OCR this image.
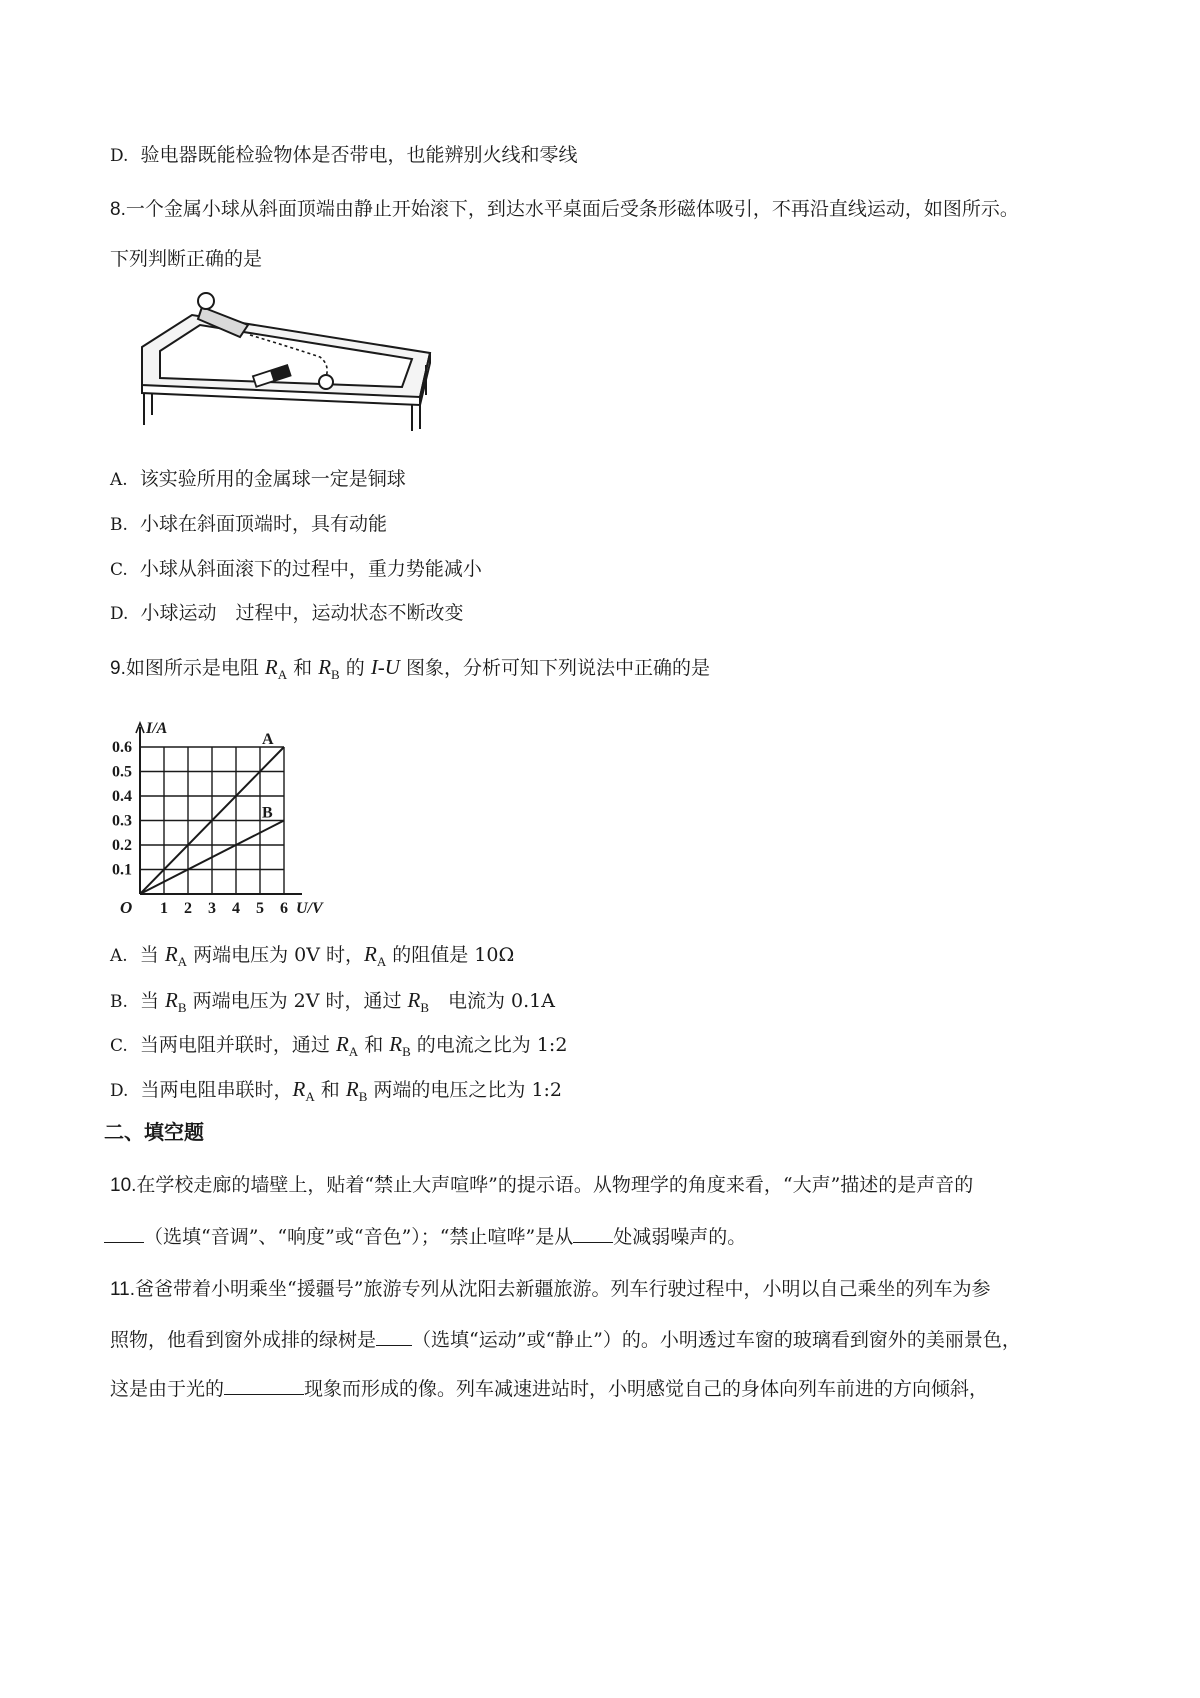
D. 验电器既能检验物体是否带电，也能辨别火线和零线
8.一个金属小球从斜面顶端由静止开始滚下，到达水平桌面后受条形磁体吸引，不再沿直线运动，如图所示。
下列判断正确的是
A. 该实验所用的金属球一定是铜球
B. 小球在斜面顶端时，具有动能
C. 小球从斜面滚下的过程中，重力势能减小
D. 小球运动　过程中，运动状态不断改变
9.如图所示是电阻 $R_A$ 和 $R_B$ 的 I-U 图象，分析可知下列说法中正确的是
1 2 3 4 5 6
0.1
0.2
0.3
0.4
0.5
0.6
U/V
I/A
O
A
B
A. 当 $R_A$ 两端电压为 0V 时，$R_A$ 的阻值是 10Ω
B. 当 $R_B$ 两端电压为 2V 时，通过 $R_B$　电流为 0.1A
C. 当两电阻并联时，通过 $R_A$ 和 $R_B$ 的电流之比为 1:2
D. 当两电阻串联时，$R_A$ 和 $R_B$ 两端的电压之比为 1:2
二、填空题
10.在学校走廊的墙壁上，贴着“禁止大声喧哗”的提示语。从物理学的角度来看，“大声”描述的是声音的
（选填“音调”、“响度”或“音色”）；“禁止喧哗”是从 处减弱噪声的。
11.爸爸带着小明乘坐“援疆号”旅游专列从沈阳去新疆旅游。列车行驶过程中，小明以自己乘坐的列车为参
照物，他看到窗外成排的绿树是 （选填“运动”或“静止”）的。小明透过车窗的玻璃看到窗外的美丽景色，
这是由于光的	现象而形成的像。列车减速进站时，小明感觉自己的身体向列车前进的方向倾斜，
